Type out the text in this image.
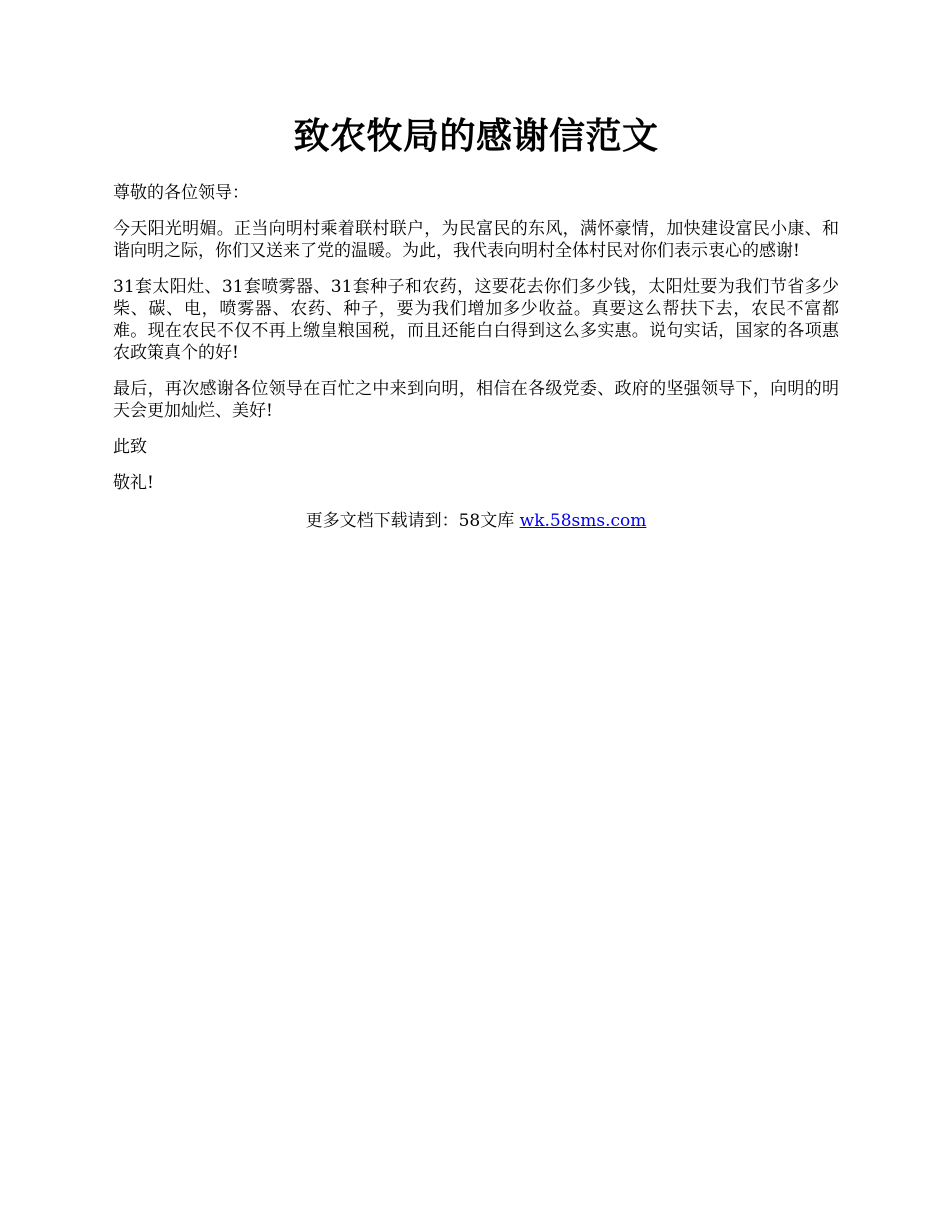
致农牧局的感谢信范文

尊敬的各位领导：

今天阳光明媚。正当向明村乘着联村联户，为民富民的东风，满怀豪情，加快建设富民小康、和谐向明之际，你们又送来了党的温暖。为此，我代表向明村全体村民对你们表示衷心的感谢!

31套太阳灶、31套喷雾器、31套种子和农药，这要花去你们多少钱，太阳灶要为我们节省多少柴、碳、电，喷雾器、农药、种子，要为我们增加多少收益。真要这么帮扶下去，农民不富都难。现在农民不仅不再上缴皇粮国税，而且还能白白得到这么多实惠。说句实话，国家的各项惠农政策真个的好!

最后，再次感谢各位领导在百忙之中来到向明，相信在各级党委、政府的坚强领导下，向明的明天会更加灿烂、美好!

此致

敬礼!

更多文档下载请到：58文库 wk.58sms.com
